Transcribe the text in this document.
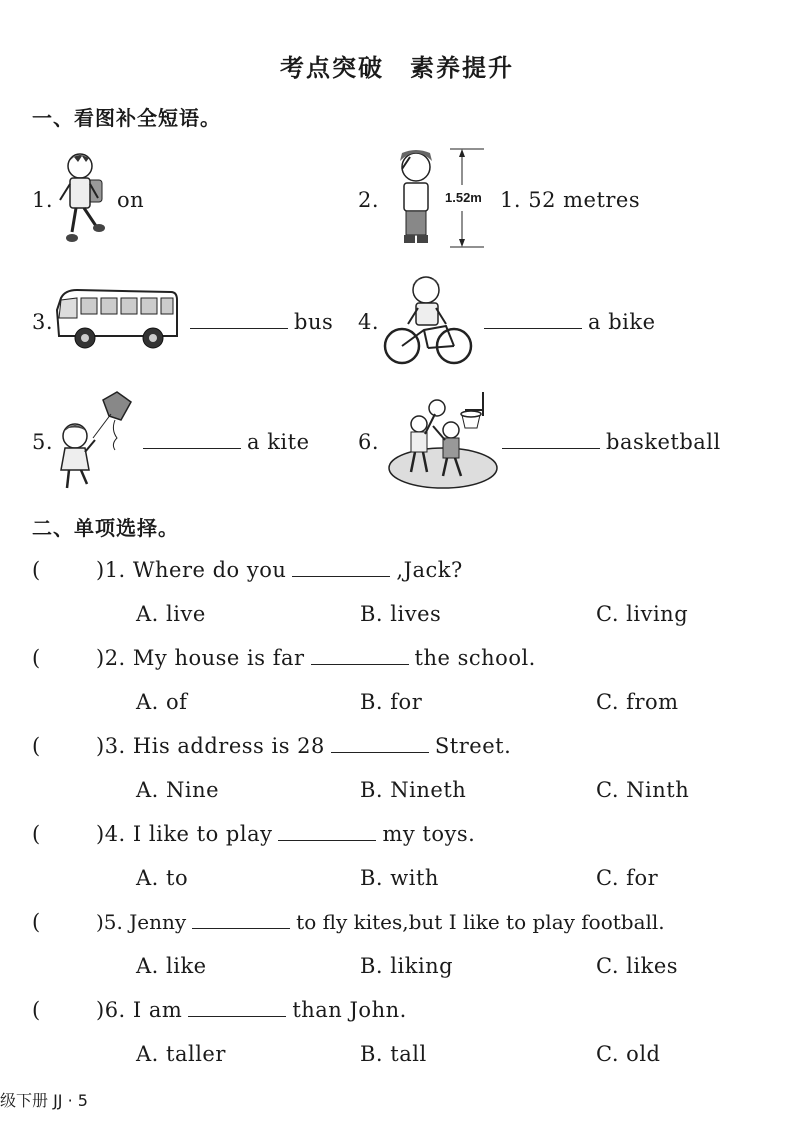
考点突破　素养提升
一、看图补全短语。
1.	on	2.	1.52m 1. 52 metres
3.	bus 4.	a bike
5.	a kite 6.	basketball
二、单项选择。
(	)1. Where do you	,Jack?
A. live	B. lives	C. living
(	)2. My house is far	the school.
A. of	B. for	C. from
(	)3. His address is 28	Street.
A. Nine	B. Nineth	C. Ninth
(	)4. I like to play	my toys.
A. to	B. with	C. for
(	)5. Jenny	to fly kites,but I like to play football.
A. like	B. liking	C. likes
(	)6. I am	than John.
A. taller	B. tall	C. old
级下册 JJ · 5
